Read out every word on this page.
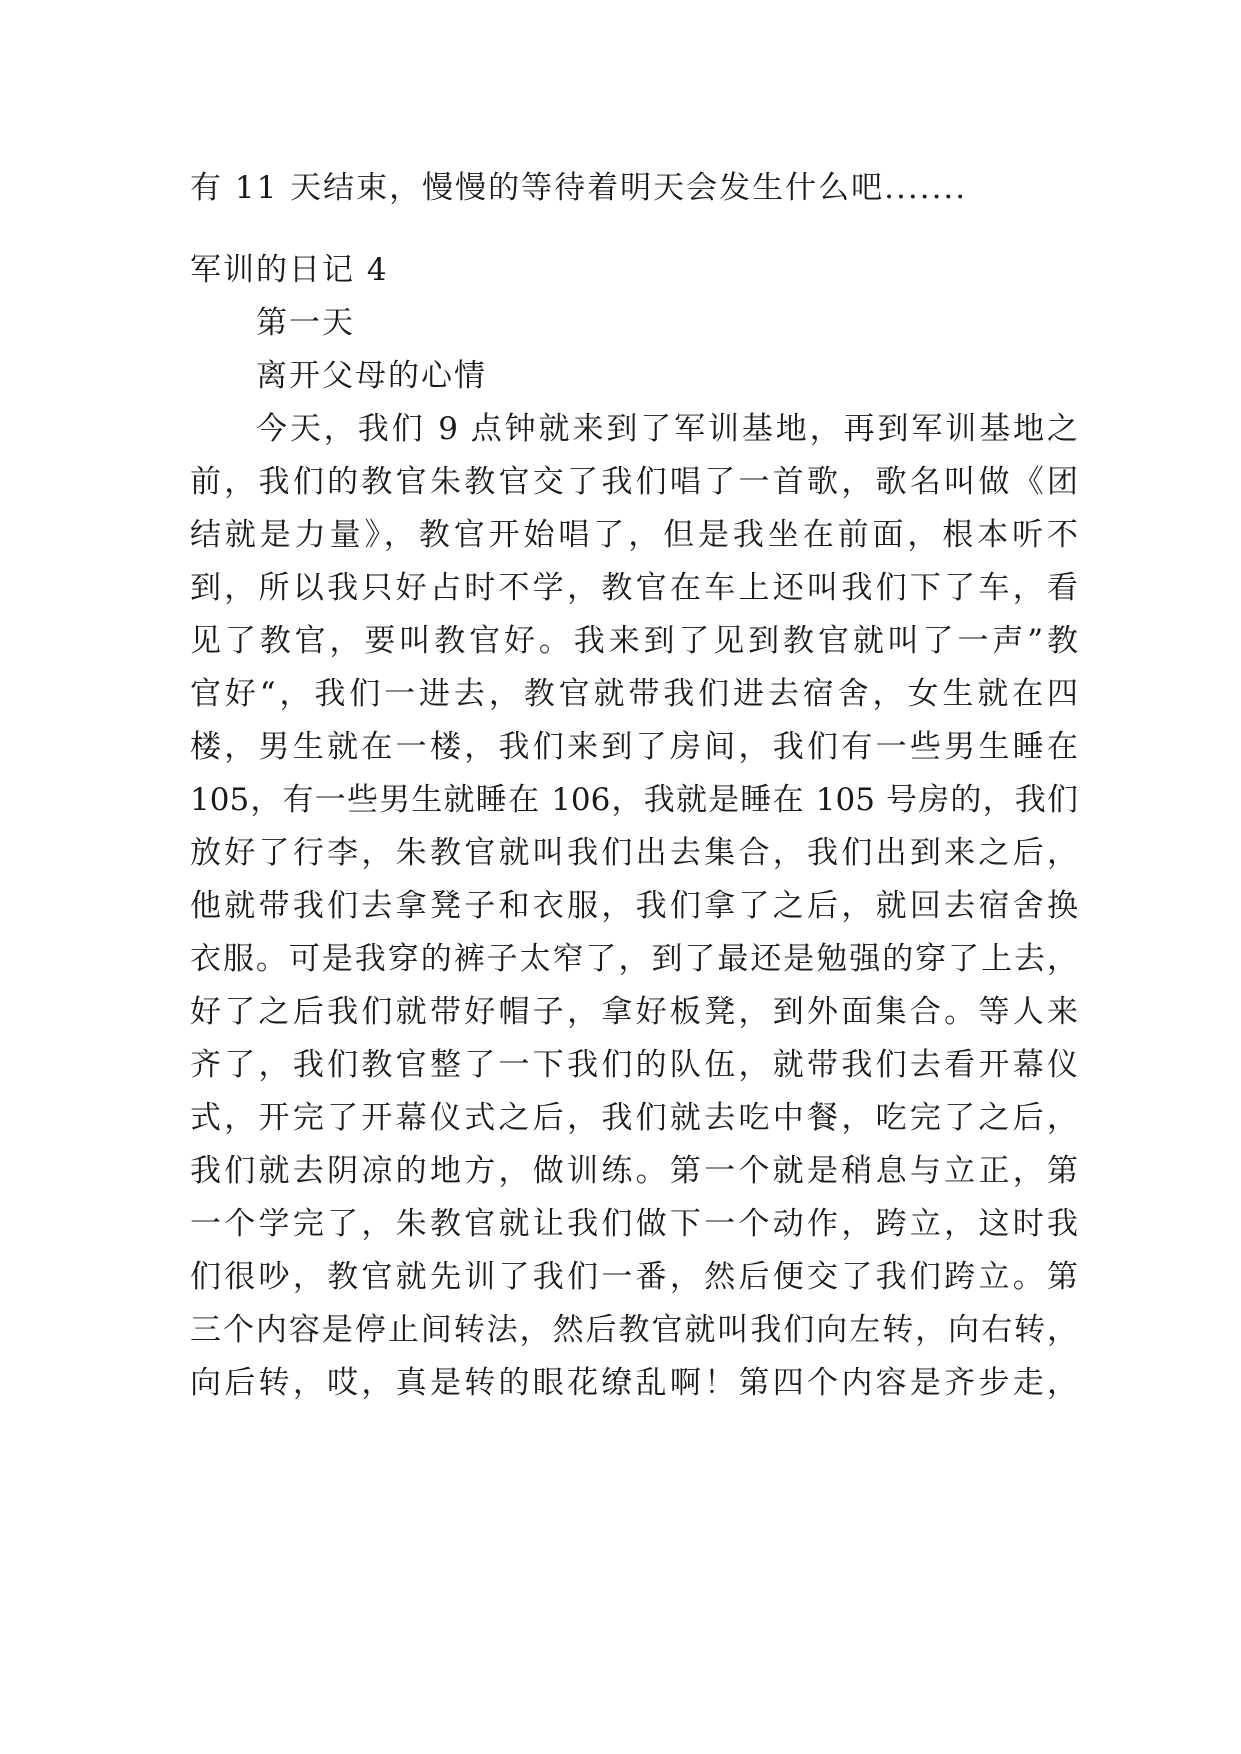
有 11 天结束，慢慢的等待着明天会发生什么吧.......
军训的日记 4
第一天
离开父母的心情
今天，我们 9 点钟就来到了军训基地，再到军训基地之
前，我们的教官朱教官交了我们唱了一首歌，歌名叫做《团
结就是力量》，教官开始唱了，但是我坐在前面，根本听不
到，所以我只好占时不学，教官在车上还叫我们下了车，看
见了教官，要叫教官好。我来到了见到教官就叫了一声”教
官好“，我们一进去，教官就带我们进去宿舍，女生就在四
楼，男生就在一楼，我们来到了房间，我们有一些男生睡在
105，有一些男生就睡在 106，我就是睡在 105 号房的，我们
放好了行李，朱教官就叫我们出去集合，我们出到来之后，
他就带我们去拿凳子和衣服，我们拿了之后，就回去宿舍换
衣服。可是我穿的裤子太窄了，到了最还是勉强的穿了上去，
好了之后我们就带好帽子，拿好板凳，到外面集合。等人来
齐了，我们教官整了一下我们的队伍，就带我们去看开幕仪
式，开完了开幕仪式之后，我们就去吃中餐，吃完了之后，
我们就去阴凉的地方，做训练。第一个就是稍息与立正，第
一个学完了，朱教官就让我们做下一个动作，跨立，这时我
们很吵，教官就先训了我们一番，然后便交了我们跨立。第
三个内容是停止间转法，然后教官就叫我们向左转，向右转，
向后转，哎，真是转的眼花缭乱啊！第四个内容是齐步走，
